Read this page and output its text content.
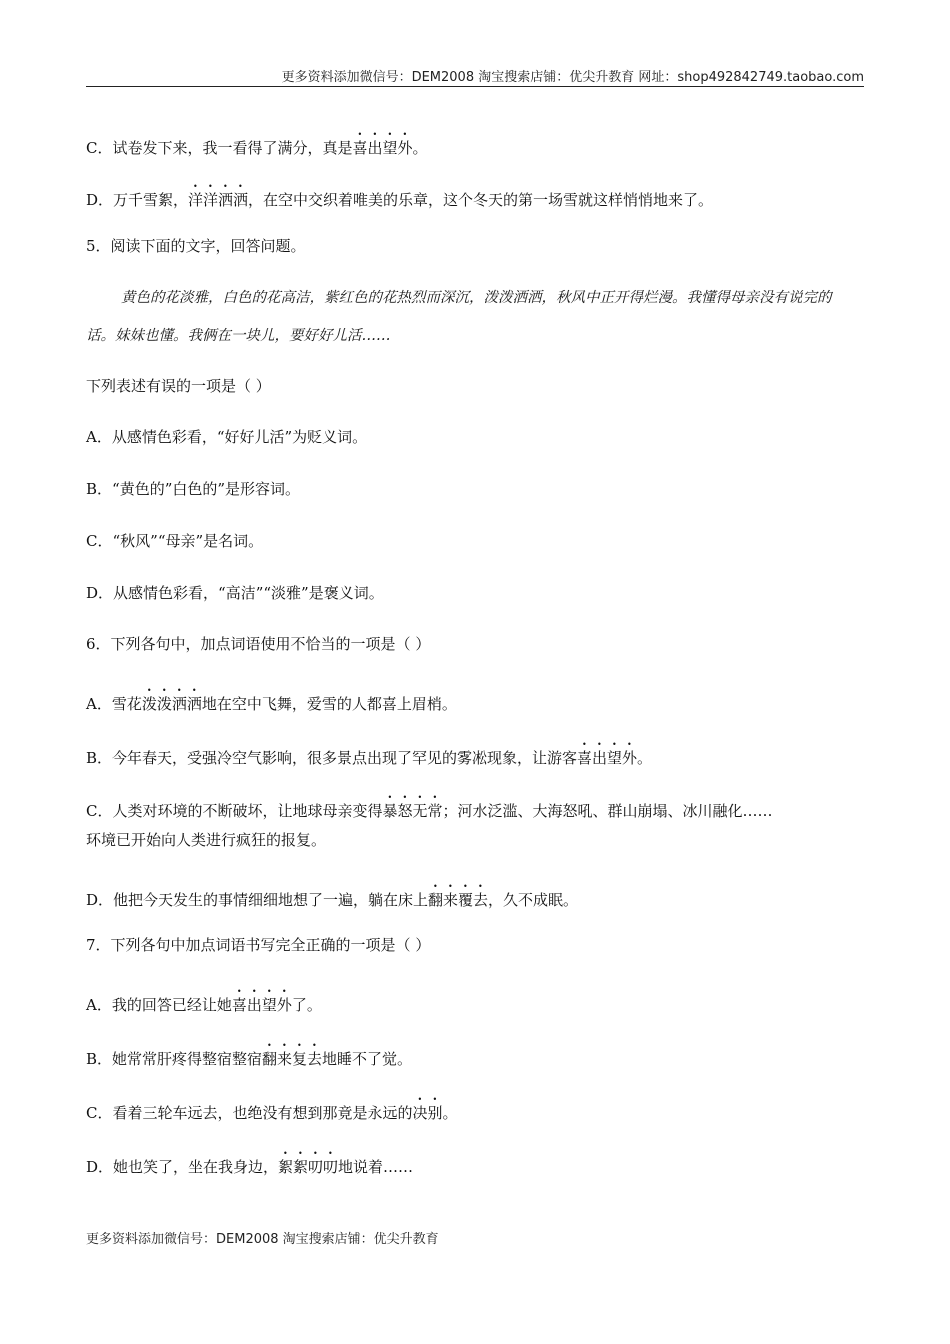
更多资料添加微信号：DEM2008 淘宝搜索店铺：优尖升教育 网址：shop492842749.taobao.com
C．试卷发下来，我一看得了满分，真是喜出望外。
D．万千雪絮，洋洋洒洒，在空中交织着唯美的乐章，这个冬天的第一场雪就这样悄悄地来了。
5．阅读下面的文字，回答问题。
黄色的花淡雅，白色的花高洁，紫红色的花热烈而深沉，泼泼洒洒，秋风中正开得烂漫。我懂得母亲没有说完的话。妹妹也懂。我俩在一块儿，要好好儿活……
下列表述有误的一项是（ ）
A．从感情色彩看，“好好儿活”为贬义词。
B．“黄色的”白色的”是形容词。
C．“秋风”“母亲”是名词。
D．从感情色彩看，“高洁”“淡雅”是褒义词。
6．下列各句中，加点词语使用不恰当的一项是（ ）
A．雪花泼泼洒洒地在空中飞舞，爱雪的人都喜上眉梢。
B．今年春天，受强冷空气影响，很多景点出现了罕见的雾凇现象，让游客喜出望外。
C．人类对环境的不断破坏，让地球母亲变得暴怒无常；河水泛滥、大海怒吼、群山崩塌、冰川融化……
环境已开始向人类进行疯狂的报复。
D．他把今天发生的事情细细地想了一遍，躺在床上翻来覆去，久不成眠。
7．下列各句中加点词语书写完全正确的一项是（ ）
A．我的回答已经让她喜出望外了。
B．她常常肝疼得整宿整宿翻来复去地睡不了觉。
C．看着三轮车远去，也绝没有想到那竟是永远的决别。
D．她也笑了，坐在我身边，絮絮叨叨地说着……
更多资料添加微信号：DEM2008 淘宝搜索店铺：优尖升教育
